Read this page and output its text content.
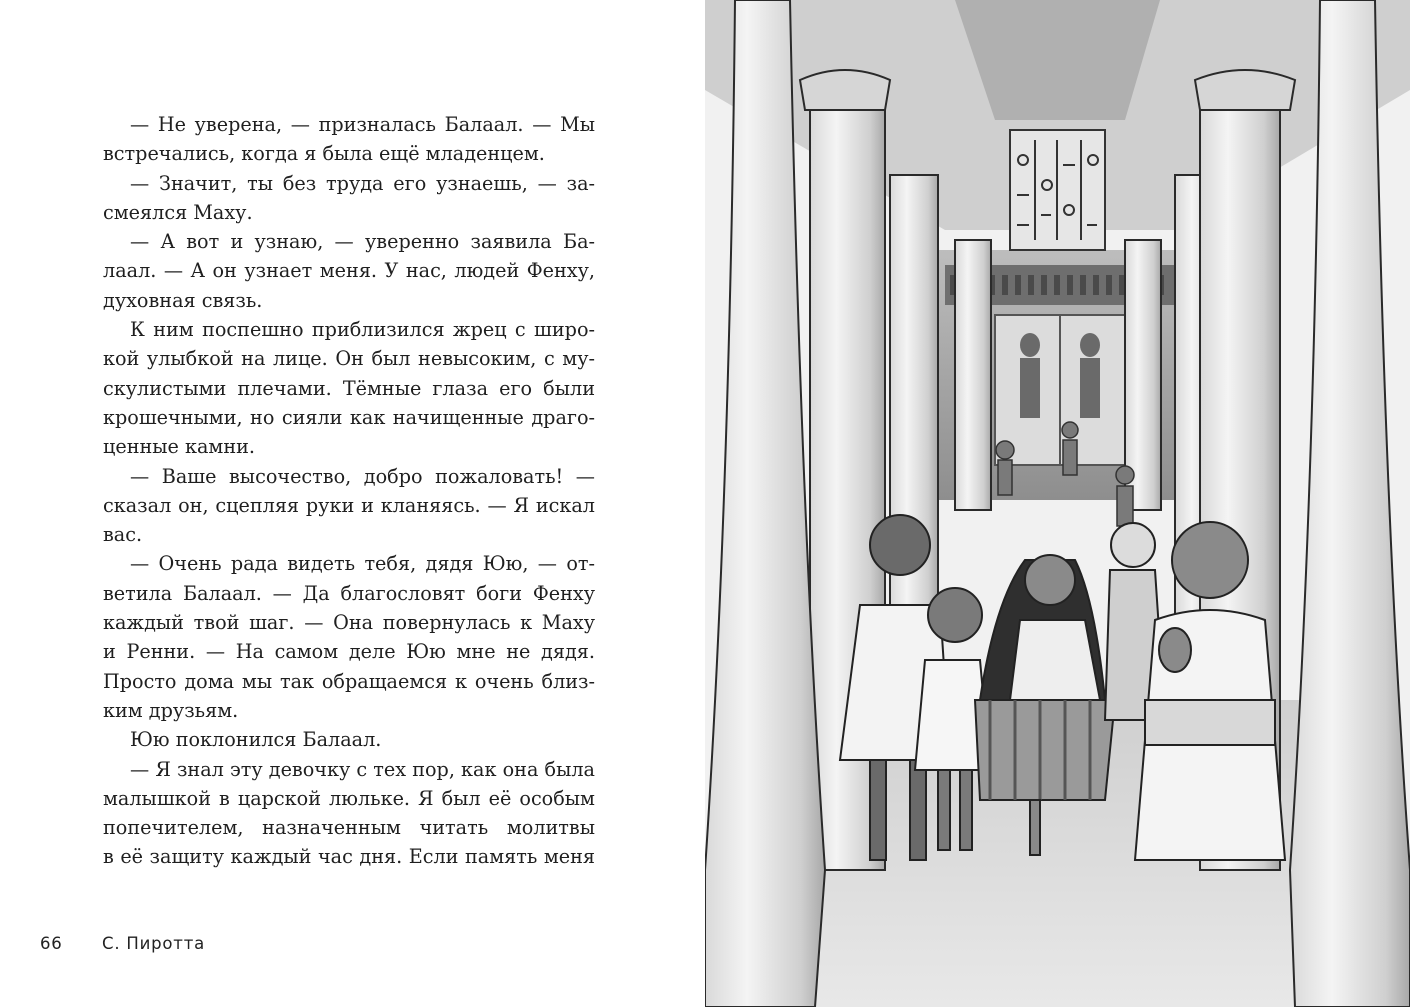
— Не уверена, — призналась Балаал. — Мы
встречались, когда я была ещё младенцем.
— Значит, ты без труда его узнаешь, — за-
смеялся Маху.
— А вот и узнаю, — уверенно заявила Ба-
лаал. — А он узнает меня. У нас, людей Фенху,
духовная связь.
К ним поспешно приблизился жрец с широ-
кой улыбкой на лице. Он был невысоким, с му-
скулистыми плечами. Тёмные глаза его были
крошечными, но сияли как начищенные драго-
ценные камни.
— Ваше высочество, добро пожаловать! —
сказал он, сцепляя руки и кланяясь. — Я искал
вас.
— Очень рада видеть тебя, дядя Юю, — от-
ветила Балаал. — Да благословят боги Фенху
каждый твой шаг. — Она повернулась к Маху
и Ренни. — На самом деле Юю мне не дядя.
Просто дома мы так обращаемся к очень близ-
ким друзьям.
Юю поклонился Балаал.
— Я знал эту девочку с тех пор, как она была
малышкой в царской люльке. Я был её особым
попечителем, назначенным читать молитвы
в её защиту каждый час дня. Если память меня
66 С. Пиротта
